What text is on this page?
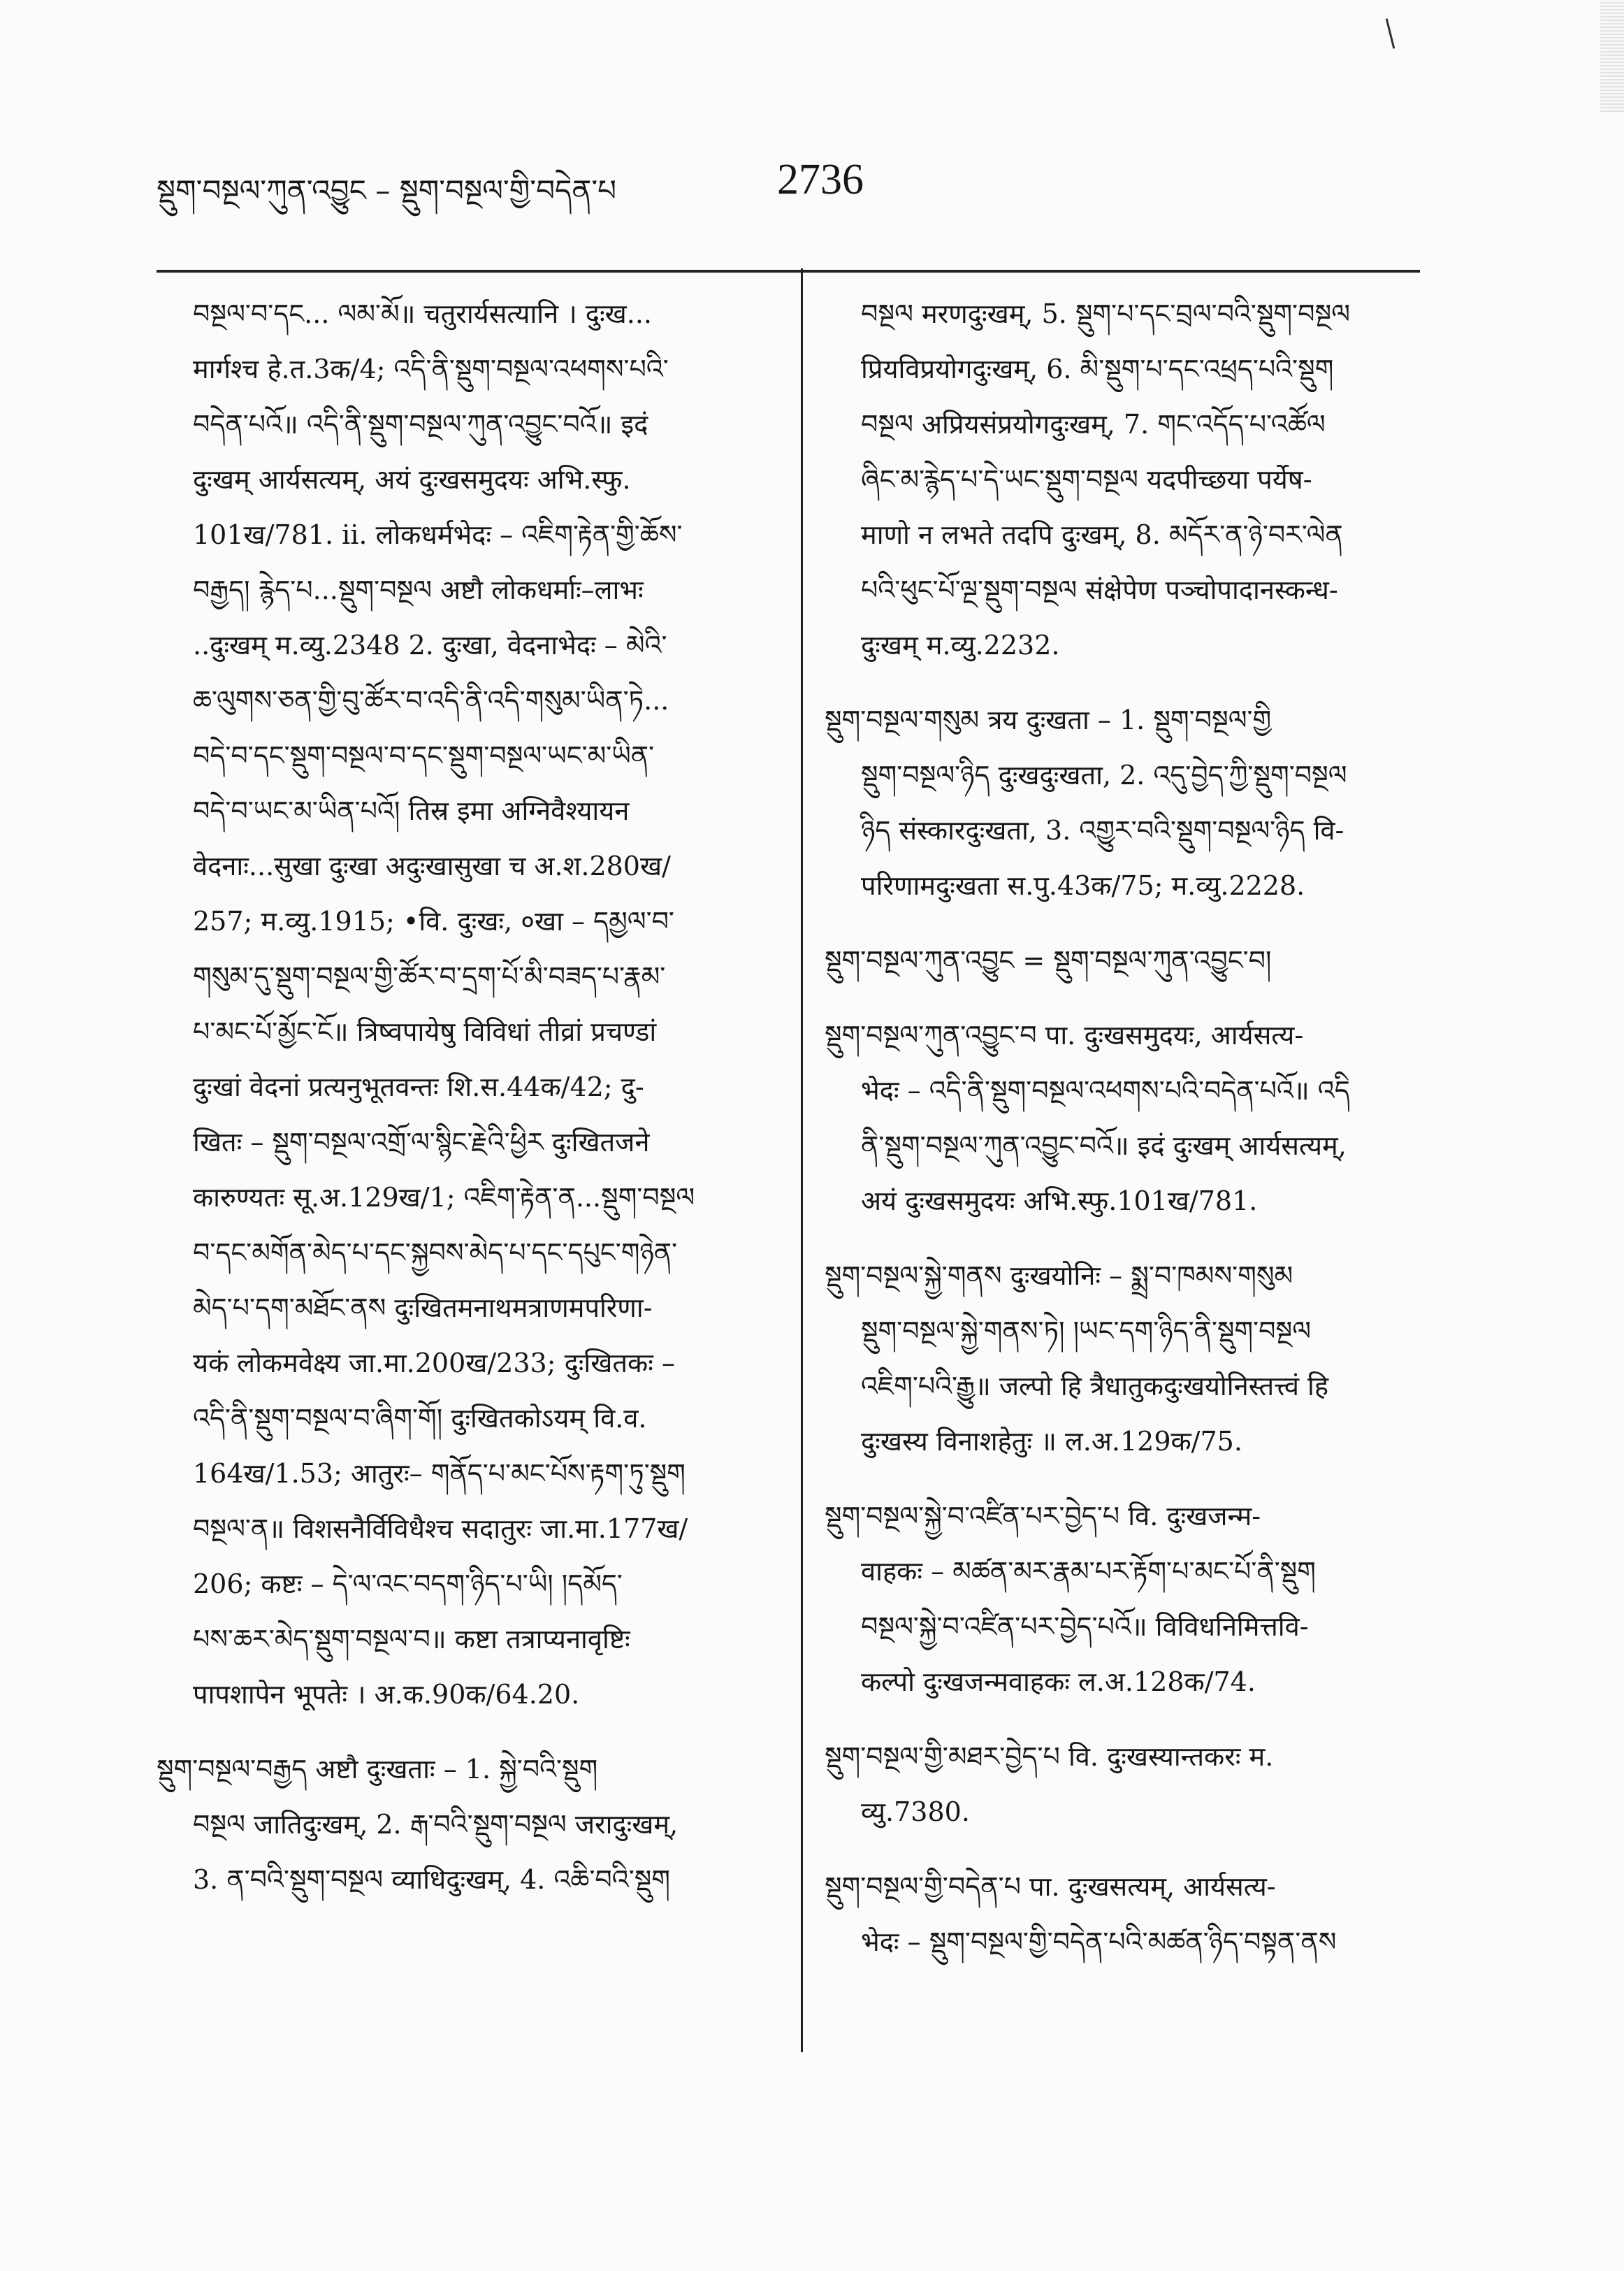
སྡུག་བསྔལ་ཀུན་འབྱུང – སྡུག་བསྔལ་གྱི་བདེན་པ	2736
བསྔལ་བ་དང... ལམ་མོ॥ चतुरार्यसत्यानि । दुःख...
मार्गश्च हे.त.3क/4; འདི་ནི་སྡུག་བསྔལ་འཕགས་པའི་
བདེན་པའོ॥ འདི་ནི་སྡུག་བསྔལ་ཀུན་འབྱུང་བའོ॥ इदं
दुःखम् आर्यसत्यम्, अयं दुःखसमुदयः अभि.स्फु.
101ख/781. ii. लोकधर्मभेदः – འཇིག་རྟེན་གྱི་ཆོས་
བརྒྱད། རྙེད་པ...སྡུག་བསྔལ अष्टौ लोकधर्माः–लाभः
..दुःखम् म.व्यु.2348 2. दुःखा, वेदनाभेदः – མེའི་
ཆ་ལུགས་ཅན་གྱི་བུ་ཚོར་བ་འདི་ནི་འདི་གསུམ་ཡིན་ཏེ...
བདེ་བ་དང་སྡུག་བསྔལ་བ་དང་སྡུག་བསྔལ་ཡང་མ་ཡིན་
བདེ་བ་ཡང་མ་ཡིན་པའོ། तिस्र इमा अग्निवैश्यायन
वेदनाः...सुखा दुःखा अदुःखासुखा च अ.श.280ख/
257; म.व्यु.1915; •वि. दुःखः, ०खा – དམྱལ་བ་
གསུམ་དུ་སྡུག་བསྔལ་གྱི་ཚོར་བ་དྲག་པོ་མི་བཟད་པ་རྣམ་
པ་མང་པོ་མྱོང་ངོ॥ त्रिष्वपायेषु विविधां तीव्रां प्रचण्डां
दुःखां वेदनां प्रत्यनुभूतवन्तः शि.स.44क/42; दु-
खितः – སྡུག་བསྔལ་འགྲོ་ལ་སྙིང་རྗེའི་ཕྱིར दुःखितजने
कारुण्यतः सू.अ.129ख/1; འཇིག་རྟེན་ན...སྡུག་བསྔལ
བ་དང་མགོན་མེད་པ་དང་སྐྱབས་མེད་པ་དང་དཔུང་གཉེན་
མེད་པ་དག་མཐོང་ནས दुःखितमनाथमत्राणमपरिणा-
यकं लोकमवेक्ष्य जा.मा.200ख/233; दुःखितकः –
འདི་ནི་སྡུག་བསྔལ་བ་ཞིག་གོ། दुःखितकोऽयम् वि.व.
164ख/1.53; आतुरः– གནོད་པ་མང་པོས་རྟག་ཏུ་སྡུག
བསྔལ་ན॥ विशसनैर्विविधैश्च सदातुरः जा.मा.177ख/
206; कष्टः – དེ་ལ་འང་བདག་ཉིད་པ་ཡི། །དམོད་
པས་ཆར་མེད་སྡུག་བསྔལ་བ॥ कष्टा तत्राप्यनावृष्टिः
पापशापेन भूपतेः । अ.क.90क/64.20.
སྡུག་བསྔལ་བརྒྱད अष्टौ दुःखताः – 1. སྐྱེ་བའི་སྡུག
བསྔལ जातिदुःखम्, 2. རྒ་བའི་སྡུག་བསྔལ जरादुःखम्,
3. ན་བའི་སྡུག་བསྔལ व्याधिदुःखम्, 4. འཆི་བའི་སྡུག
བསྔལ मरणदुःखम्, 5. སྡུག་པ་དང་བྲལ་བའི་སྡུག་བསྔལ
प्रियविप्रयोगदुःखम्, 6. མི་སྡུག་པ་དང་འཕྲད་པའི་སྡུག
བསྔལ अप्रियसंप्रयोगदुःखम्, 7. གང་འདོད་པ་འཚོལ
ཞིང་མ་རྙེད་པ་དེ་ཡང་སྡུག་བསྔལ यदपीच्छया पर्येष-
माणो न लभते तदपि दुःखम्, 8. མདོར་ན་ཉེ་བར་ལེན
པའི་ཕུང་པོ་ལྔ་སྡུག་བསྔལ संक्षेपेण पञ्चोपादानस्कन्ध-
दुःखम् म.व्यु.2232.
སྡུག་བསྔལ་གསུམ त्रय दुःखता – 1. སྡུག་བསྔལ་གྱི
སྡུག་བསྔལ་ཉིད दुःखदुःखता, 2. འདུ་བྱེད་ཀྱི་སྡུག་བསྔལ
ཉིད संस्कारदुःखता, 3. འགྱུར་བའི་སྡུག་བསྔལ་ཉིད वि-
परिणामदुःखता स.पु.43क/75; म.व्यु.2228.
སྡུག་བསྔལ་ཀུན་འབྱུང = སྡུག་བསྔལ་ཀུན་འབྱུང་བ།
སྡུག་བསྔལ་ཀུན་འབྱུང་བ पा. दुःखसमुदयः, आर्यसत्य-
भेदः – འདི་ནི་སྡུག་བསྔལ་འཕགས་པའི་བདེན་པའོ॥ འདི
ནི་སྡུག་བསྔལ་ཀུན་འབྱུང་བའོ॥ इदं दुःखम् आर्यसत्यम्,
अयं दुःखसमुदयः अभि.स्फु.101ख/781.
སྡུག་བསྔལ་སྐྱེ་གནས दुःखयोनिः – སྨྲ་བ་ཁམས་གསུམ
སྡུག་བསྔལ་སྐྱེ་གནས་ཏེ། །ཡང་དག་ཉིད་ནི་སྡུག་བསྔལ
འཇིག་པའི་རྒྱུ॥ जल्पो हि त्रैधातुकदुःखयोनिस्तत्त्वं हि
दुःखस्य विनाशहेतुः ॥ ल.अ.129क/75.
སྡུག་བསྔལ་སྐྱེ་བ་འཛིན་པར་བྱེད་པ वि. दुःखजन्म-
वाहकः – མཚན་མར་རྣམ་པར་རྟོག་པ་མང་པོ་ནི་སྡུག
བསྔལ་སྐྱེ་བ་འཛིན་པར་བྱེད་པའོ॥ विविधनिमित्तवि-
कल्पो दुःखजन्मवाहकः ल.अ.128क/74.
སྡུག་བསྔལ་གྱི་མཐར་བྱེད་པ वि. दुःखस्यान्तकरः म.
व्यु.7380.
སྡུག་བསྔལ་གྱི་བདེན་པ पा. दुःखसत्यम्, आर्यसत्य-
भेदः – སྡུག་བསྔལ་གྱི་བདེན་པའི་མཚན་ཉིད་བསྟན་ནས
